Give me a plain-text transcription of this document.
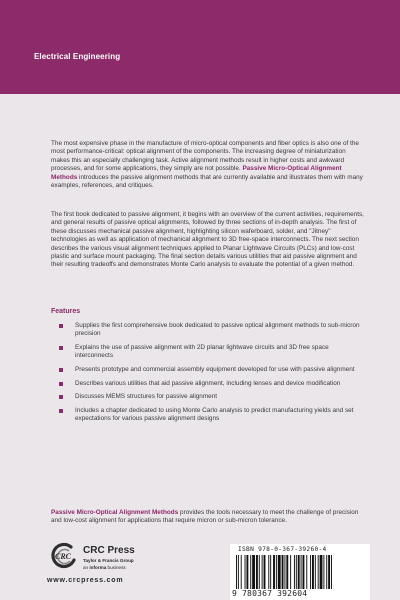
Electrical Engineering

The most expensive phase in the manufacture of micro-optical components and fiber optics is also one of the most performance-critical: optical alignment of the components. The increasing degree of miniaturization makes this an especially challenging task. Active alignment methods result in higher costs and awkward processes, and for some applications, they simply are not possible. Passive Micro-Optical Alignment Methods introduces the passive alignment methods that are currently available and illustrates them with many examples, references, and critiques.

The first book dedicated to passive alignment, it begins with an overview of the current activities, requirements, and general results of passive optical alignments, followed by three sections of in-depth analysis. The first of these discusses mechanical passive alignment, highlighting silicon waferboard, solder, and "Jitney" technologies as well as application of mechanical alignment to 3D free-space interconnects. The next section describes the various visual alignment techniques applied to Planar Lightwave Circuits (PLCs) and low-cost plastic and surface mount packaging. The final section details various utilities that aid passive alignment and their resulting tradeoffs and demonstrates Monte Carlo analysis to evaluate the potential of a given method.

Features
Supplies the first comprehensive book dedicated to passive optical alignment methods to sub-micron precision
Explains the use of passive alignment with 2D planar lightwave circuits and 3D free space interconnects
Presents prototype and commercial assembly equipment developed for use with passive alignment
Describes various utilities that aid passive alignment, including lenses and device modification
Discusses MEMS structures for passive alignment
Includes a chapter dedicated to using Monte Carlo analysis to predict manufacturing yields and set expectations for various passive alignment designs

Passive Micro-Optical Alignment Methods provides the tools necessary to meet the challenge of precision and low-cost alignment for applications that require micron or sub-micron tolerance.

CRC
CRC Press
Taylor & Francis Group
an informa business
www.crcpress.com
ISBN 978-0-367-39260-4
9 780367 392604
